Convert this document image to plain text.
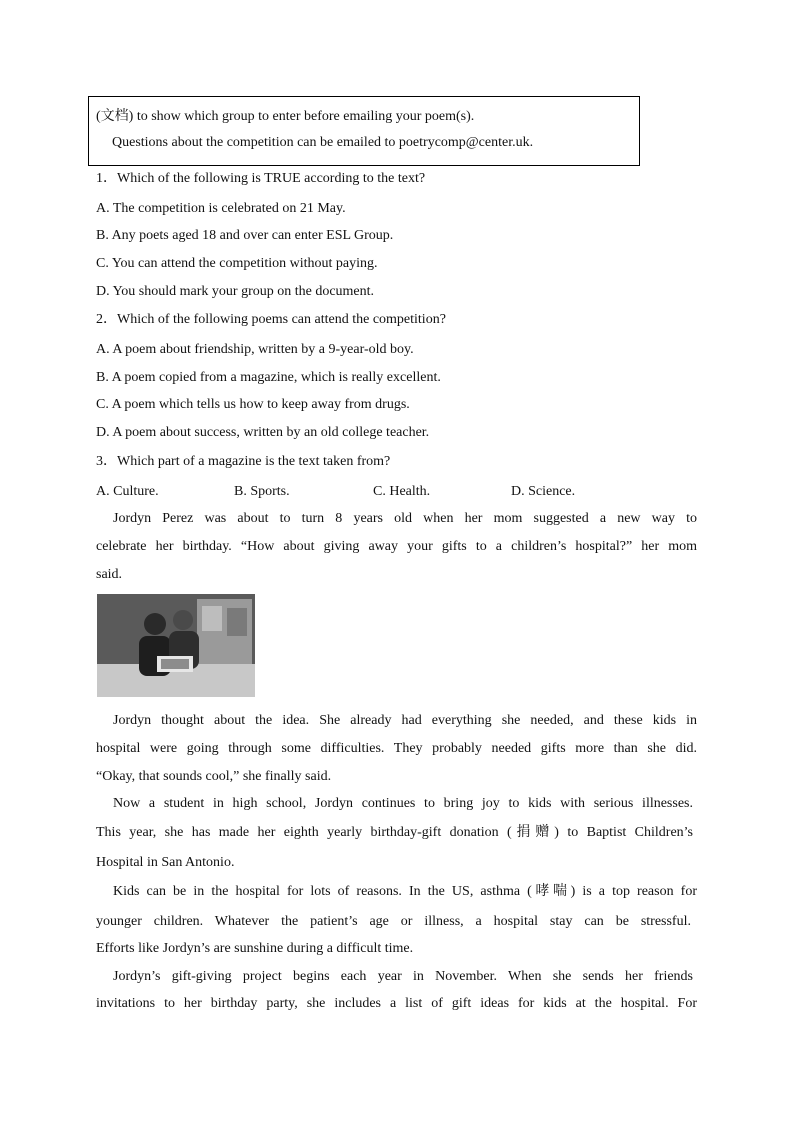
(文档) to show which group to enter before emailing your poem(s).
Questions about the competition can be emailed to poetrycomp@center.uk.
1．Which of the following is TRUE according to the text?
A. The competition is celebrated on 21 May.
B. Any poets aged 18 and over can enter ESL Group.
C. You can attend the competition without paying.
D. You should mark your group on the document.
2．Which of the following poems can attend the competition?
A. A poem about friendship, written by a 9-year-old boy.
B. A poem copied from a magazine, which is really excellent.
C. A poem which tells us how to keep away from drugs.
D. A poem about success, written by an old college teacher.
3．Which part of a magazine is the text taken from?
A. Culture.	B. Sports.	C. Health.	D. Science.
Jordyn Perez was about to turn 8 years old when her mom suggested a new way to
celebrate her birthday. “How about giving away your gifts to a children’s hospital?” her mom
said.
Jordyn thought about the idea. She already had everything she needed, and these kids in
hospital were going through some difficulties. They probably needed gifts more than she did.
“Okay, that sounds cool,” she finally said.
Now a student in high school, Jordyn continues to bring joy to kids with serious illnesses.
This year, she has made her eighth yearly birthday-gift donation (捐赠) to Baptist Children’s
Hospital in San Antonio.
Kids can be in the hospital for lots of reasons. In the US, asthma (哮喘) is a top reason for
younger children. Whatever the patient’s age or illness, a hospital stay can be stressful.
Efforts like Jordyn’s are sunshine during a difficult time.
Jordyn’s gift-giving project begins each year in November. When she sends her friends
invitations to her birthday party, she includes a list of gift ideas for kids at the hospital. For
